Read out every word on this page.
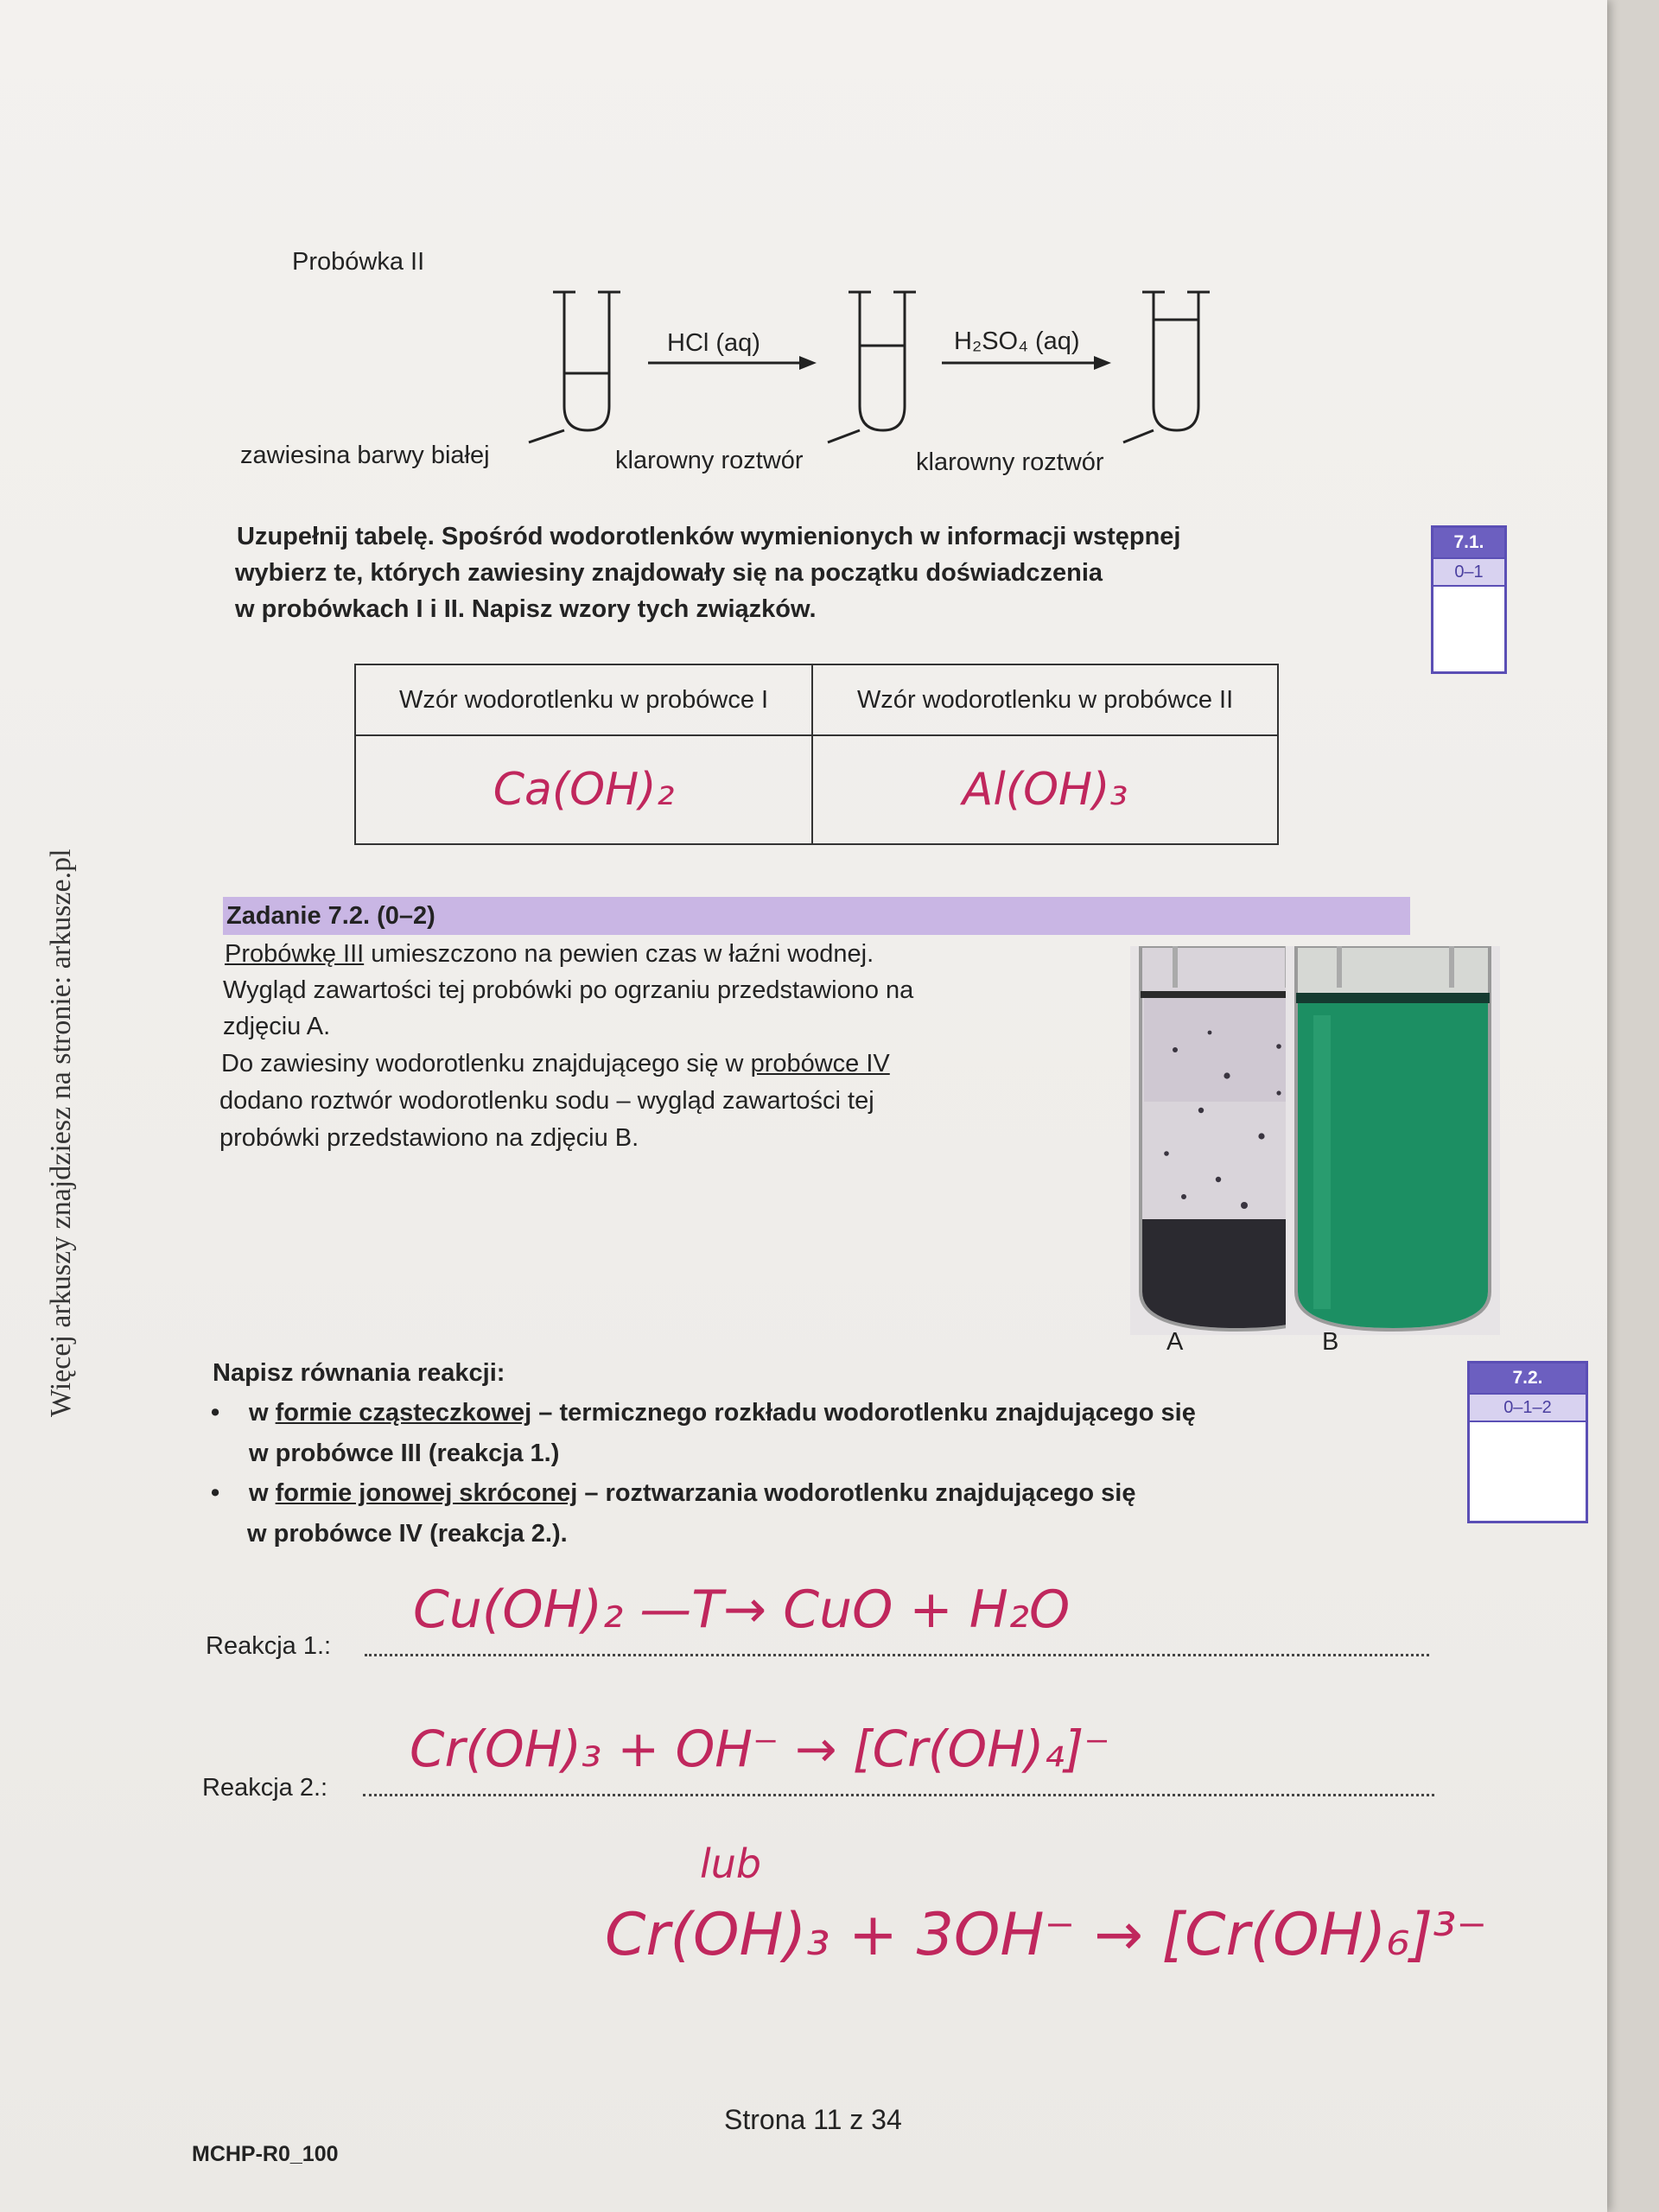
Więcej arkuszy znajdziesz na stronie: arkusze.pl
Probówka II
HCl (aq)	H₂SO₄ (aq)
zawiesina barwy białej	klarowny roztwór	klarowny roztwór
Uzupełnij tabelę. Spośród wodorotlenków wymienionych w informacji wstępnej
wybierz te, których zawiesiny znajdowały się na początku doświadczenia
w probówkach I i II. Napisz wzory tych związków.
7.1.
0–1
Wzór wodorotlenku w probówce I	Wzór wodorotlenku w probówce II
Ca(OH)₂	Al(OH)₃
Zadanie 7.2. (0–2)
Probówkę III umieszczono na pewien czas w łaźni wodnej.
Wygląd zawartości tej probówki po ogrzaniu przedstawiono na
zdjęciu A.
Do zawiesiny wodorotlenku znajdującego się w probówce IV
dodano roztwór wodorotlenku sodu – wygląd zawartości tej
probówki przedstawiono na zdjęciu B.
A	B
Napisz równania reakcji:
• w formie cząsteczkowej – termicznego rozkładu wodorotlenku znajdującego się
w probówce III (reakcja 1.)
• w formie jonowej skróconej – roztwarzania wodorotlenku znajdującego się
w probówce IV (reakcja 2.).
7.2.
0–1–2
Reakcja 1.:
Cu(OH)₂ —T→ CuO + H₂O
Reakcja 2.:
Cr(OH)₃ + OH⁻ → [Cr(OH)₄]⁻
lub
Cr(OH)₃ + 3OH⁻ → [Cr(OH)₆]³⁻
Strona 11 z 34
MCHP-R0_100
